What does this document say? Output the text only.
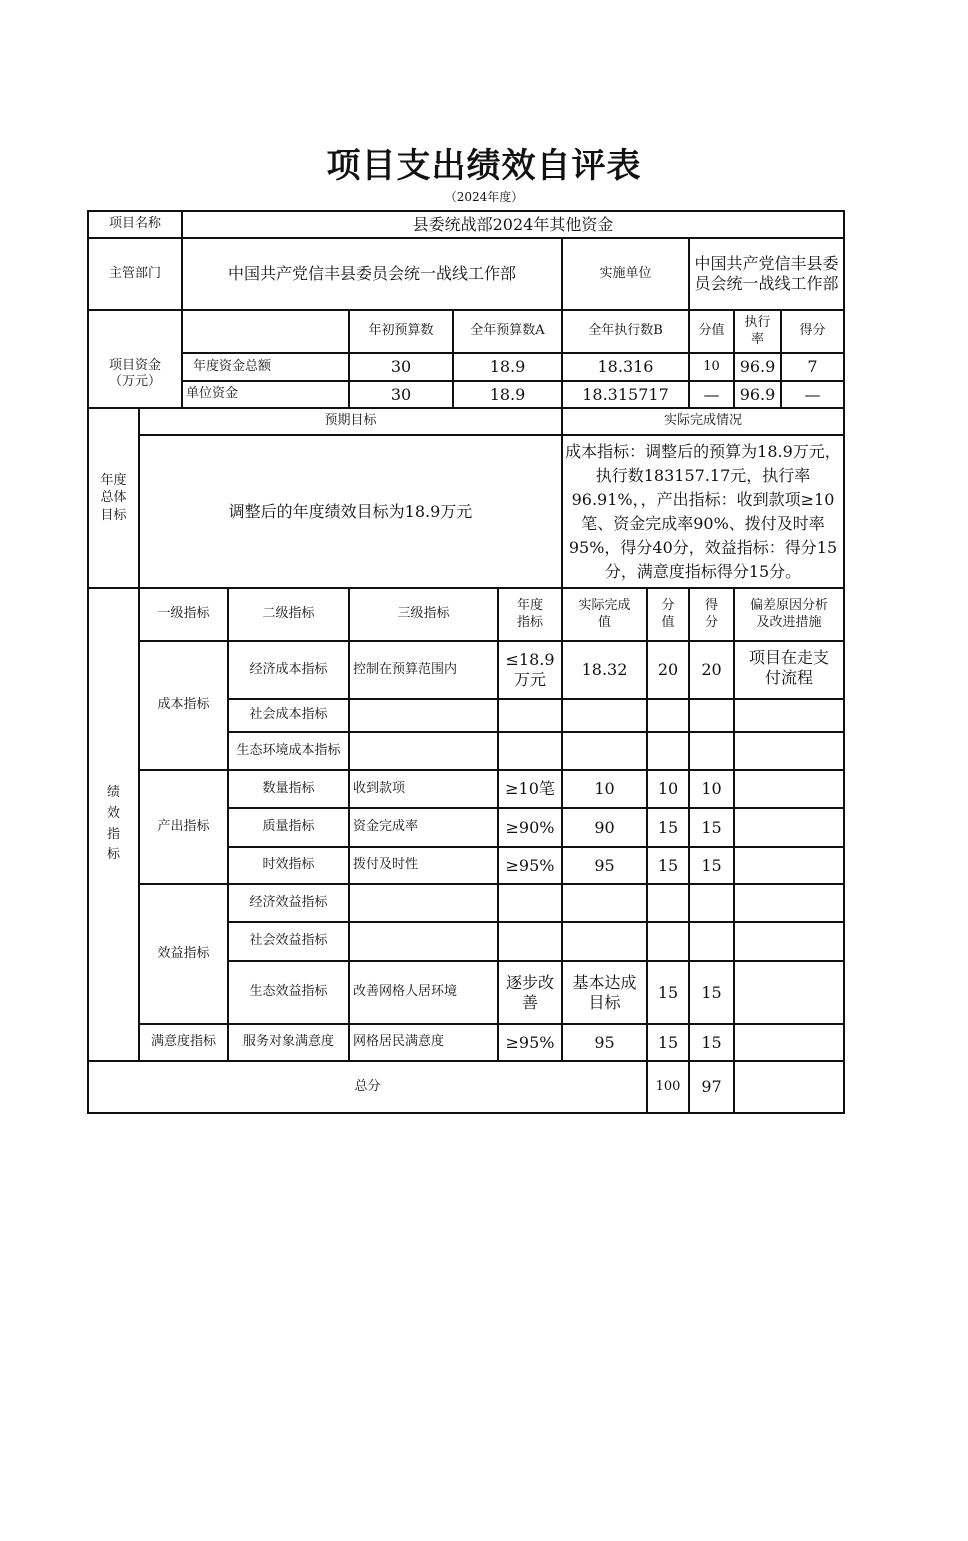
项目支出绩效自评表
（2024年度）
项目名称	县委统战部2024年其他资金
主管部门	中国共产党信丰县委员会统一战线工作部	实施单位
中国共产党信丰县委员会统一战线工作部
项目资金
（万元）
年初预算数	全年预算数A	全年执行数B	分值
执行率
得分
年度资金总额	30	18.9	18.316	10	96.9	7
单位资金	30	18.9	18.315717	—	96.9	—
年度
总体
目标
预期目标	实际完成情况
调整后的年度绩效目标为18.9万元
成本指标：调整后的预算为18.9万元，执行数183157.17元，执行率96.91%，，产出指标：收到款项≥10笔、资金完成率90%、拨付及时率95%，得分40分，效益指标：得分15分，满意度指标得分15分。
绩
效
指
标
一级指标	二级指标	三级指标
年度指标
实际完成值
分值
得分
偏差原因分析及改进措施
成本指标
经济成本指标	控制在预算范围内
≤18.9万元
18.32	20	20
项目在走支付流程
社会成本指标
生态环境成本指标
产出指标
数量指标	收到款项	≥10笔	10	10	10
质量指标	资金完成率	≥90%	90	15	15
时效指标	拨付及时性	≥95%	95	15	15
效益指标
经济效益指标
社会效益指标
生态效益指标	改善网格人居环境
逐步改善
基本达成目标
15	15
满意度指标	服务对象满意度	网格居民满意度	≥95%	95	15	15
总分	100	97
